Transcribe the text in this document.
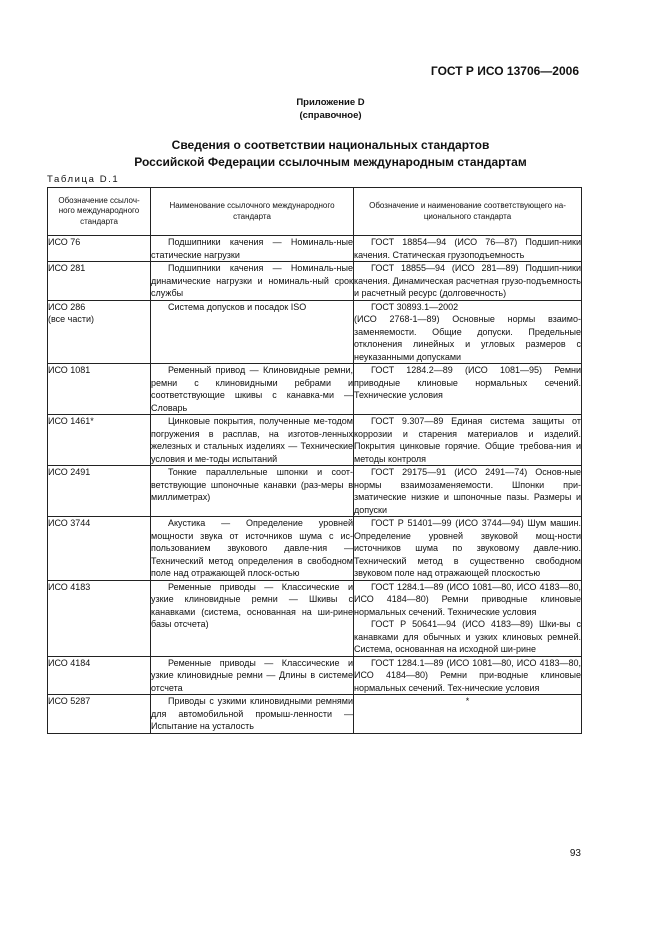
ГОСТ Р ИСО 13706—2006
Приложение D
(справочное)
Сведения о соответствии национальных стандартов
Российской Федерации ссылочным международным стандартам
Таблица D.1
Обозначение ссылоч-ного международного стандарта	Наименование ссылочного международного стандарта	Обозначение и наименование соответствующего на-ционального стандарта

ИСО 76	Подшипники качения — Номиналь-ные статические нагрузки	ГОСТ 18854—94 (ИСО 76—87) Подшип-ники качения. Статическая грузоподъемность

ИСО 281	Подшипники качения — Номиналь-ные динамические нагрузки и номиналь-ный срок службы	ГОСТ 18855—94 (ИСО 281—89) Подшип-ники качения. Динамическая расчетная грузо-подъемность и расчетный ресурс (долговечность)

ИСО 286
(все части)	Система допусков и посадок ISO	ГОСТ 30893.1—2002
(ИСО 2768-1—89) Основные нормы взаимо-заменяемости. Общие допуски. Предельные отклонения линейных и угловых размеров с неуказанными допусками

ИСО 1081	Ременный привод — Клиновидные ремни, ремни с клиновидными ребрами и соответствующие шкивы с канавка-ми — Словарь	ГОСТ 1284.2—89 (ИСО 1081—95) Ремни приводные клиновые нормальных сечений. Технические условия

ИСО 1461*	Цинковые покрытия, полученные ме-тодом погружения в расплав, на изготов-ленных железных и стальных изделиях — Технические условия и ме-тоды испытаний	ГОСТ 9.307—89 Единая система защиты от коррозии и старения материалов и изделий. Покрытия цинковые горячие. Общие требова-ния и методы контроля

ИСО 2491	Тонкие параллельные шпонки и соот-ветствующие шпоночные канавки (раз-меры в миллиметрах)	ГОСТ 29175—91 (ИСО 2491—74) Основ-ные нормы взаимозаменяемости. Шпонки при-зматические низкие и шпоночные пазы. Размеры и допуски

ИСО 3744	Акустика — Определение уровней мощности звука от источников шума с ис-пользованием звукового давле-ния — Технический метод определения в свободном поле над отражающей плоск-остью	ГОСТ Р 51401—99 (ИСО 3744—94) Шум машин. Определение уровней звуковой мощ-ности источников шума по звуковому давле-нию. Технический метод в существенно свободном звуковом поле над отражающей плоскостью

ИСО 4183	Ременные приводы — Классические и узкие клиновидные ремни — Шкивы с канавками (система, основанная на ши-рине базы отсчета)	ГОСТ 1284.1—89 (ИСО 1081—80, ИСО 4183—80, ИСО 4184—80) Ремни приводные клиновые нормальных сечений. Технические условия
ГОСТ Р 50641—94 (ИСО 4183—89) Шки-вы с канавками для обычных и узких клиновых ремней. Система, основанная на исходной ши-рине

ИСО 4184	Ременные приводы — Классические и узкие клиновидные ремни — Длины в системе отсчета	ГОСТ 1284.1—89 (ИСО 1081—80, ИСО 4183—80, ИСО 4184—80) Ремни при-водные клиновые нормальных сечений. Тех-нические условия

ИСО 5287	Приводы с узкими клиновидными ремнями для автомобильной промыш-ленности — Испытание на усталость	*
93
